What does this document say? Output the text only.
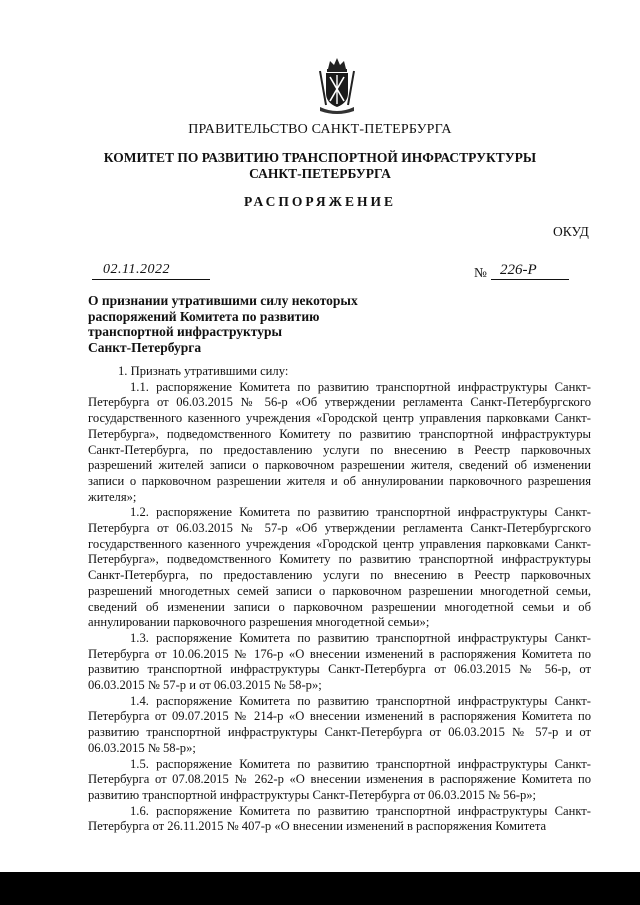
ПРАВИТЕЛЬСТВО САНКТ-ПЕТЕРБУРГА
КОМИТЕТ ПО РАЗВИТИЮ ТРАНСПОРТНОЙ ИНФРАСТРУКТУРЫ
САНКТ-ПЕТЕРБУРГА
РАСПОРЯЖЕНИЕ
ОКУД
02.11.2022	№ 226-Р
О признании утратившими силу некоторых
распоряжений Комитета по развитию
транспортной инфраструктуры
Санкт-Петербурга

1. Признать утратившими силу:

1.1. распоряжение Комитета по развитию транспортной инфраструктуры Санкт-Петербурга от 06.03.2015 № 56-р «Об утверждении регламента Санкт-Петербургского государственного казенного учреждения «Городской центр управления парковками Санкт-Петербурга», подведомственного Комитету по развитию транспортной инфраструктуры Санкт-Петербурга, по предоставлению услуги по внесению в Реестр парковочных разрешений жителей записи о парковочном разрешении жителя, сведений об изменении записи о парковочном разрешении жителя и об аннулировании парковочного разрешения жителя»;

1.2. распоряжение Комитета по развитию транспортной инфраструктуры Санкт-Петербурга от 06.03.2015 № 57-р «Об утверждении регламента Санкт-Петербургского государственного казенного учреждения «Городской центр управления парковками Санкт-Петербурга», подведомственного Комитету по развитию транспортной инфраструктуры Санкт-Петербурга, по предоставлению услуги по внесению в Реестр парковочных разрешений многодетных семей записи о парковочном разрешении многодетной семьи, сведений об изменении записи о парковочном разрешении многодетной семьи и об аннулировании парковочного разрешения многодетной семьи»;

1.3. распоряжение Комитета по развитию транспортной инфраструктуры Санкт-Петербурга от 10.06.2015 № 176-р «О внесении изменений в распоряжения Комитета по развитию транспортной инфраструктуры Санкт-Петербурга от 06.03.2015 № 56-р, от 06.03.2015 № 57-р и от 06.03.2015 № 58-р»;

1.4. распоряжение Комитета по развитию транспортной инфраструктуры Санкт-Петербурга от 09.07.2015 № 214-р «О внесении изменений в распоряжения Комитета по развитию транспортной инфраструктуры Санкт-Петербурга от 06.03.2015 № 57-р и от 06.03.2015 № 58-р»;

1.5. распоряжение Комитета по развитию транспортной инфраструктуры Санкт-Петербурга от 07.08.2015 № 262-р «О внесении изменения в распоряжение Комитета по развитию транспортной инфраструктуры Санкт-Петербурга от 06.03.2015 № 56-р»;

1.6. распоряжение Комитета по развитию транспортной инфраструктуры Санкт-Петербурга от 26.11.2015 № 407-р «О внесении изменений в распоряжения Комитета
